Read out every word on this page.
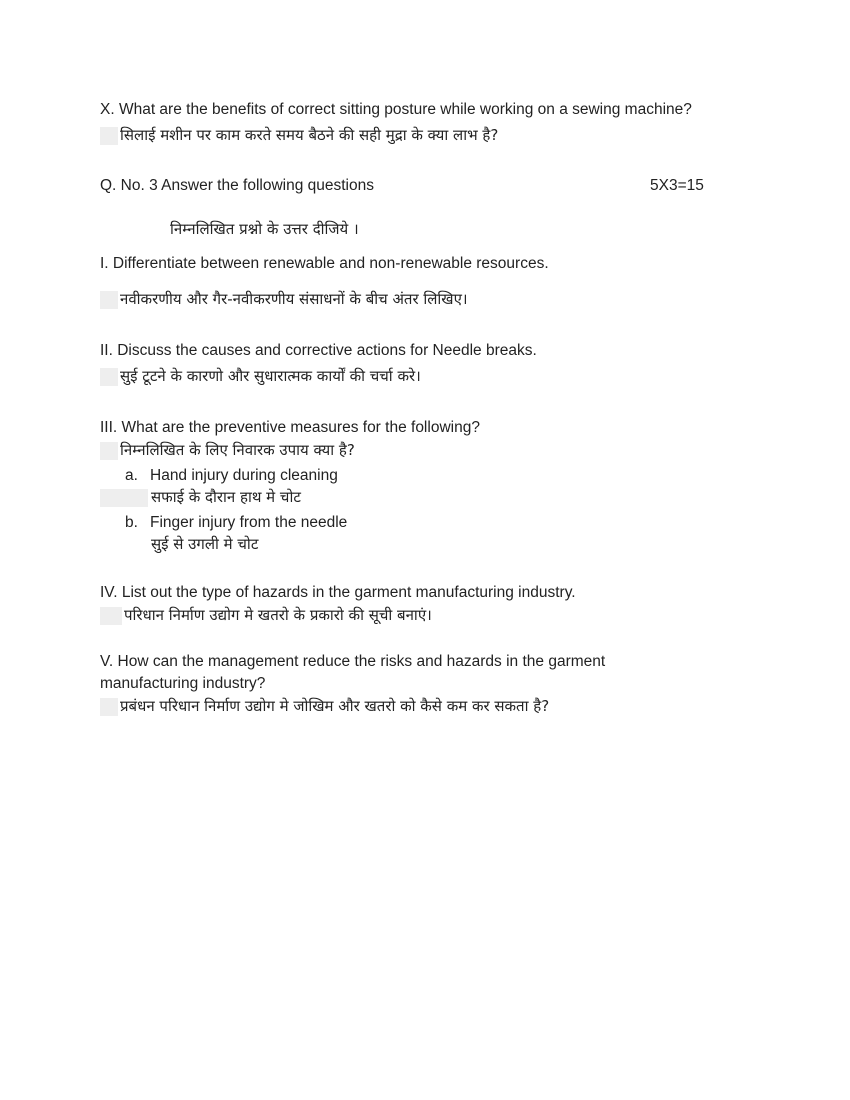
X. What are the benefits of correct sitting posture while working on a sewing machine?
सिलाई मशीन पर काम करते समय बैठने की सही मुद्रा के क्या लाभ है?
Q. No. 3 Answer the following questions	5X3=15
निम्नलिखित प्रश्नो के उत्तर दीजिये ।
I. Differentiate between renewable and non-renewable resources.
नवीकरणीय और गैर-नवीकरणीय संसाधनों के बीच अंतर लिखिए।
II. Discuss the causes and corrective actions for Needle breaks.
सुई टूटने के कारणो और सुधारात्मक कार्यों की चर्चा करे।
III. What are the preventive measures for the following?
निम्नलिखित के लिए निवारक उपाय क्या है?
a. Hand injury during cleaning
सफाई के दौरान हाथ मे चोट
b. Finger injury from the needle
सुई से उगली मे चोट
IV. List out the type of hazards in the garment manufacturing industry.
परिधान निर्माण उद्योग मे खतरो के प्रकारो की सूची बनाएं।
V. How can the management reduce the risks and hazards in the garment
manufacturing industry?
प्रबंधन परिधान निर्माण उद्योग मे जोखिम और खतरो को कैसे कम कर सकता है?
